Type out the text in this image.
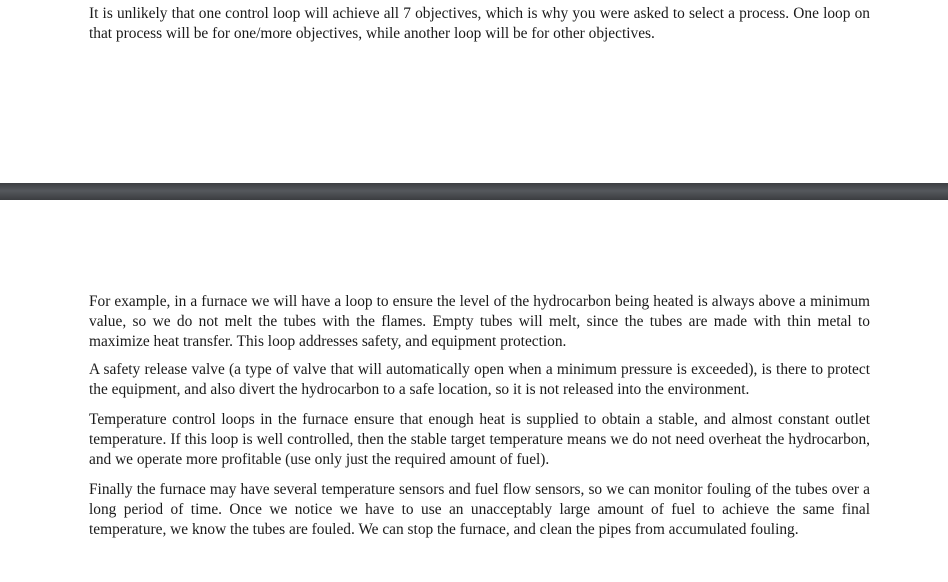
It is unlikely that one control loop will achieve all 7 objectives, which is why you were asked to select a process. One loop on that process will be for one/more objectives, while another loop will be for other objectives.

For example, in a furnace we will have a loop to ensure the level of the hydrocarbon being heated is always above a minimum value, so we do not melt the tubes with the flames. Empty tubes will melt, since the tubes are made with thin metal to maximize heat transfer. This loop addresses safety, and equipment protection.

A safety release valve (a type of valve that will automatically open when a minimum pressure is exceeded), is there to protect the equipment, and also divert the hydrocarbon to a safe location, so it is not released into the environment.

Temperature control loops in the furnace ensure that enough heat is supplied to obtain a stable, and almost constant outlet temperature. If this loop is well controlled, then the stable target temperature means we do not need overheat the hydrocarbon, and we operate more profitable (use only just the required amount of fuel).

Finally the furnace may have several temperature sensors and fuel flow sensors, so we can monitor fouling of the tubes over a long period of time. Once we notice we have to use an unacceptably large amount of fuel to achieve the same final temperature, we know the tubes are fouled. We can stop the furnace, and clean the pipes from accumulated fouling.
